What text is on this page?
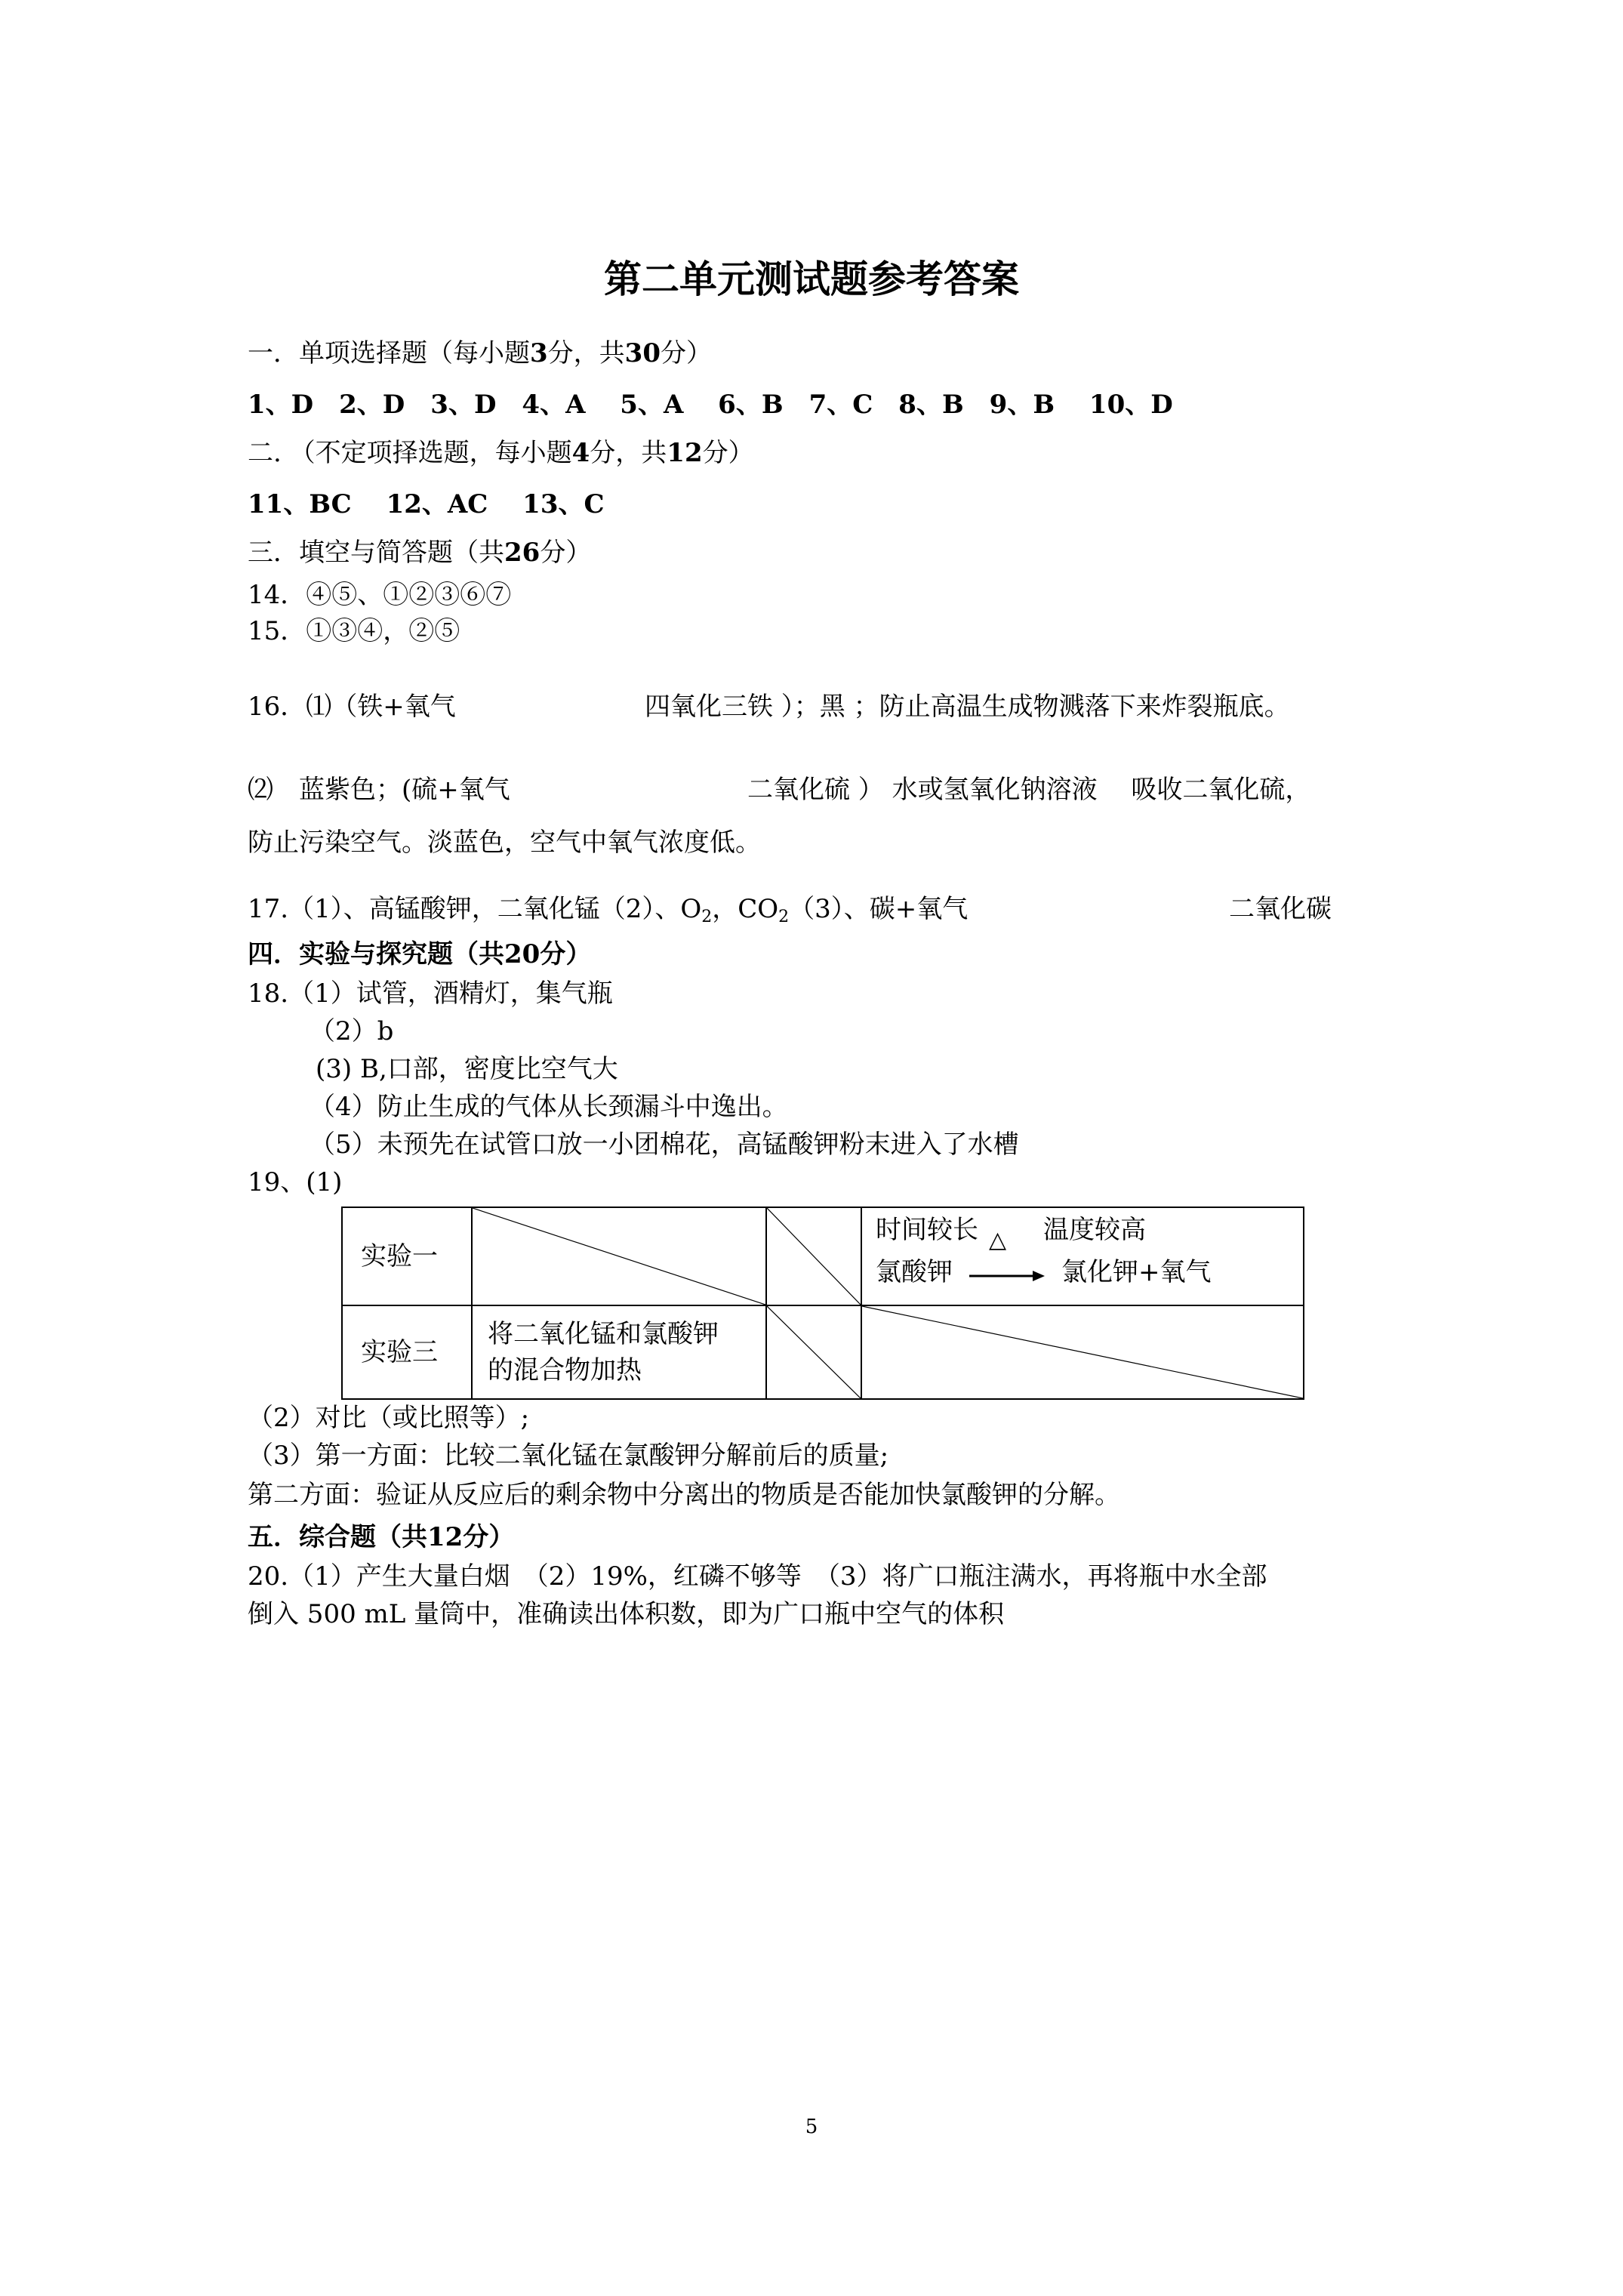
第二单元测试题参考答案
一．单项选择题（每小题3分，共30分）
1、D　2、D　3、D　4、A　 5、A　 6、B　7、C　8、B　9、B　 10、D
二. （不定项择选题，每小题4分，共12分）
11、BC　 12、AC　 13、C
三．填空与简答题（共26分）
14．④⑤、①②③⑥⑦
15．①③④，②⑤
16．⑴（铁+氧气	四氧化三铁 ）；黑 ；防止高温生成物溅落下来炸裂瓶底。
⑵　蓝紫色；(硫+氧气	二氧化硫 ） 水或氢氧化钠溶液　 吸收二氧化硫，
防止污染空气。淡蓝色，空气中氧气浓度低。
17.（1）、高锰酸钾，二氧化锰（2）、$O_2$，$CO_2(3)$、碳+氧气	二氧化碳
四．实验与探究题（共20分）
18.（1）试管，酒精灯，集气瓶
（2）b
(3) B,口部，密度比空气大
（4）防止生成的气体从长颈漏斗中逸出。
（5）未预先在试管口放一小团棉花，高锰酸钾粉末进入了水槽
19、(1)
实验一			时间较长 △ 温度较高
氯酸钾 → 氯化钾+氧气

实验三	将二氧化锰和氯酸钾
的混合物加热

（2）对比（或比照等）;
（3）第一方面：比较二氧化锰在氯酸钾分解前后的质量;
第二方面：验证从反应后的剩余物中分离出的物质是否能加快氯酸钾的分解。
五．综合题（共12分）
20.（1）产生大量白烟　（2）19%，红磷不够等　（3）将广口瓶注满水，再将瓶中水全部
倒入 500 mL 量筒中，准确读出体积数，即为广口瓶中空气的体积
5
